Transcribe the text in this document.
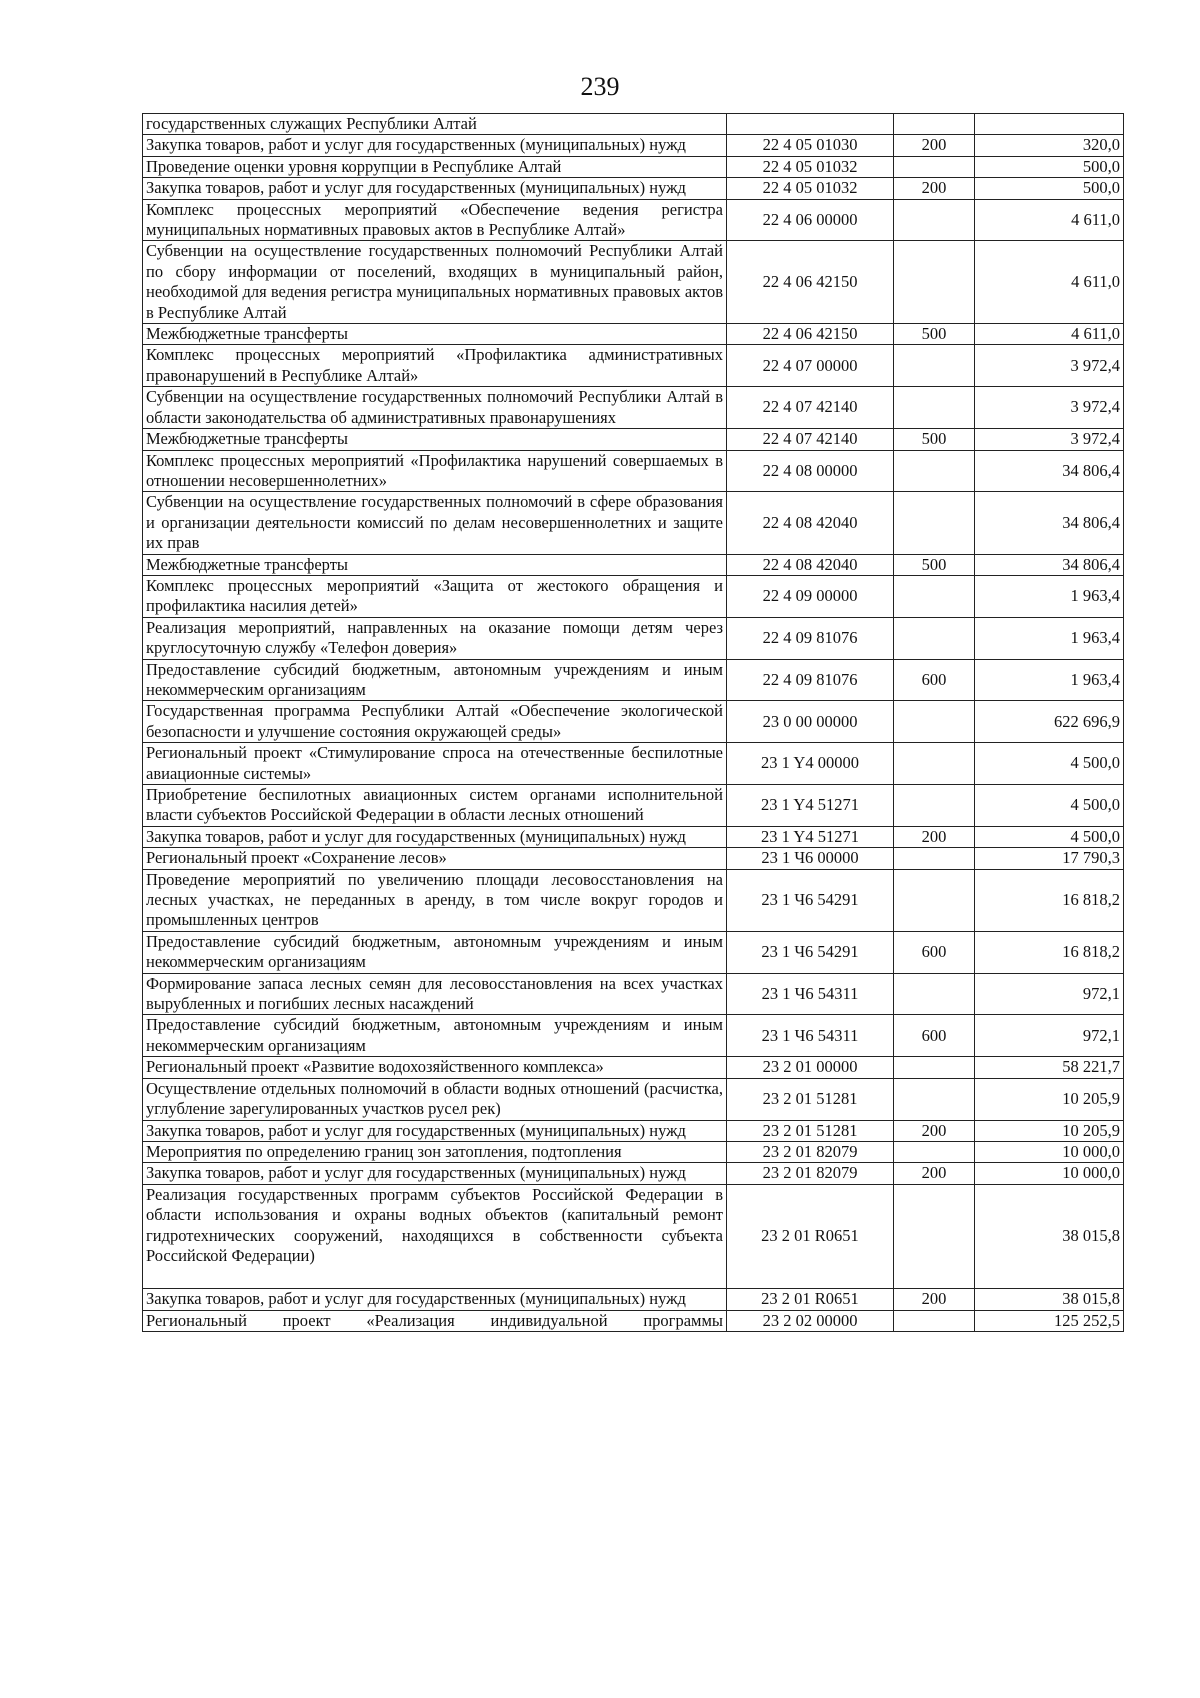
239
государственных служащих Республики Алтай			
Закупка товаров, работ и услуг для государственных (муниципальных) нужд	22 4 05 01030	200	320,0
Проведение оценки уровня коррупции в Республике Алтай	22 4 05 01032		500,0
Закупка товаров, работ и услуг для государственных (муниципальных) нужд	22 4 05 01032	200	500,0
Комплекс процессных мероприятий «Обеспечение ведения регистра муниципальных нормативных правовых актов в Республике Алтай»	22 4 06 00000		4 611,0
Субвенции на осуществление государственных полномочий Республики Алтай по сбору информации от поселений, входящих в муниципальный район, необходимой для ведения регистра муниципальных нормативных правовых актов в Республике Алтай	22 4 06 42150		4 611,0
Межбюджетные трансферты	22 4 06 42150	500	4 611,0
Комплекс процессных мероприятий «Профилактика административных правонарушений в Республике Алтай»	22 4 07 00000		3 972,4
Субвенции на осуществление государственных полномочий Республики Алтай в области законодательства об административных правонарушениях	22 4 07 42140		3 972,4
Межбюджетные трансферты	22 4 07 42140	500	3 972,4
Комплекс процессных мероприятий «Профилактика нарушений совершаемых в отношении несовершеннолетних»	22 4 08 00000		34 806,4
Субвенции на осуществление государственных полномочий в сфере образования и организации деятельности комиссий по делам несовершеннолетних и защите их прав	22 4 08 42040		34 806,4
Межбюджетные трансферты	22 4 08 42040	500	34 806,4
Комплекс процессных мероприятий «Защита от жестокого обращения и профилактика насилия детей»	22 4 09 00000		1 963,4
Реализация мероприятий, направленных на оказание помощи детям через круглосуточную службу «Телефон доверия»	22 4 09 81076		1 963,4
Предоставление субсидий бюджетным, автономным учреждениям и иным некоммерческим организациям	22 4 09 81076	600	1 963,4
Государственная программа Республики Алтай «Обеспечение экологической безопасности и улучшение состояния окружающей среды»	23 0 00 00000		622 696,9
Региональный проект «Стимулирование спроса на отечественные беспилотные авиационные системы»	23 1 Y4 00000		4 500,0
Приобретение беспилотных авиационных систем органами исполнительной власти субъектов Российской Федерации в области лесных отношений	23 1 Y4 51271		4 500,0
Закупка товаров, работ и услуг для государственных (муниципальных) нужд	23 1 Y4 51271	200	4 500,0
Региональный проект «Сохранение лесов»	23 1 Ч6 00000		17 790,3
Проведение мероприятий по увеличению площади лесовосстановления на лесных участках, не переданных в аренду, в том числе вокруг городов и промышленных центров	23 1 Ч6 54291		16 818,2
Предоставление субсидий бюджетным, автономным учреждениям и иным некоммерческим организациям	23 1 Ч6 54291	600	16 818,2
Формирование запаса лесных семян для лесовосстановления на всех участках вырубленных и погибших лесных насаждений	23 1 Ч6 54311		972,1
Предоставление субсидий бюджетным, автономным учреждениям и иным некоммерческим организациям	23 1 Ч6 54311	600	972,1
Региональный проект «Развитие водохозяйственного комплекса»	23 2 01 00000		58 221,7
Осуществление отдельных полномочий в области водных отношений (расчистка, углубление зарегулированных участков русел рек)	23 2 01 51281		10 205,9
Закупка товаров, работ и услуг для государственных (муниципальных) нужд	23 2 01 51281	200	10 205,9
Мероприятия по определению границ зон затопления, подтопления	23 2 01 82079		10 000,0
Закупка товаров, работ и услуг для государственных (муниципальных) нужд	23 2 01 82079	200	10 000,0
Реализация государственных программ субъектов Российской Федерации в области использования и охраны водных объектов (капитальный ремонт гидротехнических сооружений, находящихся в собственности субъекта Российской Федерации)	23 2 01 R0651		38 015,8
Закупка товаров, работ и услуг для государственных (муниципальных) нужд	23 2 01 R0651	200	38 015,8
Региональный проект «Реализация индивидуальной программы	23 2 02 00000		125 252,5
